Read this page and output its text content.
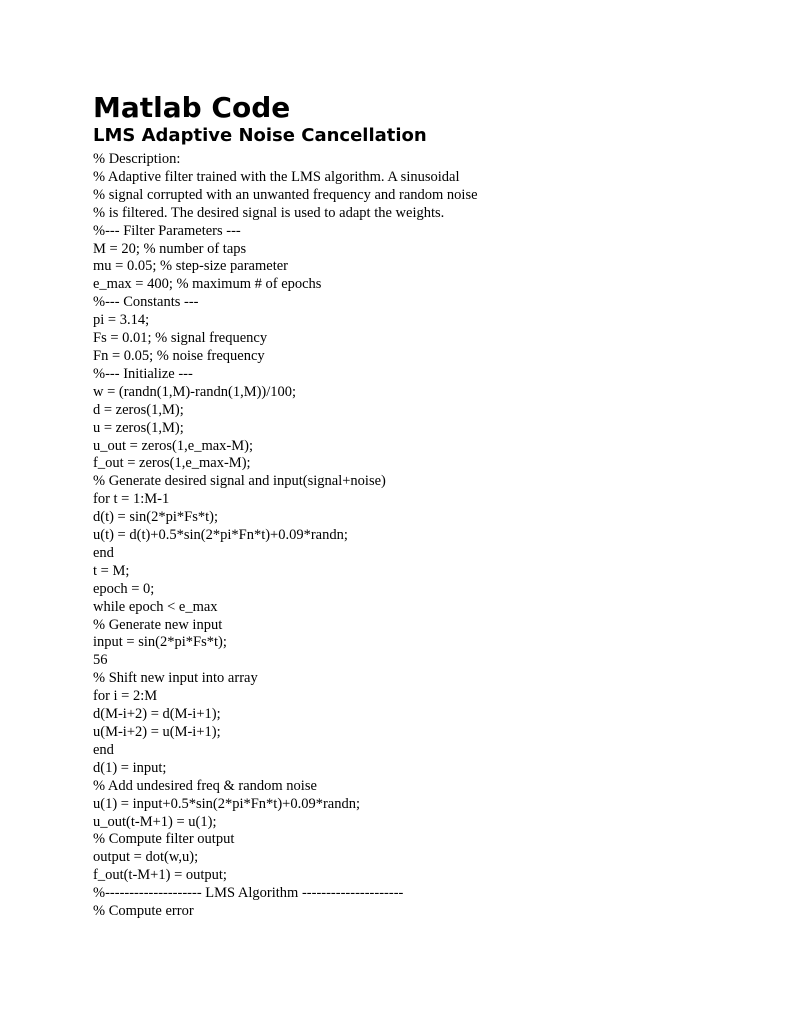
Matlab Code
LMS Adaptive Noise Cancellation
% Description:
% Adaptive filter trained with the LMS algorithm. A sinusoidal
% signal corrupted with an unwanted frequency and random noise
% is filtered. The desired signal is used to adapt the weights.
%--- Filter Parameters ---
M = 20; % number of taps
mu = 0.05; % step-size parameter
e_max = 400; % maximum # of epochs
%--- Constants ---
pi = 3.14;
Fs = 0.01; % signal frequency
Fn = 0.05; % noise frequency
%--- Initialize ---
w = (randn(1,M)-randn(1,M))/100;
d = zeros(1,M);
u = zeros(1,M);
u_out = zeros(1,e_max-M);
f_out = zeros(1,e_max-M);
% Generate desired signal and input(signal+noise)
for t = 1:M-1
d(t) = sin(2*pi*Fs*t);
u(t) = d(t)+0.5*sin(2*pi*Fn*t)+0.09*randn;
end
t = M;
epoch = 0;
while epoch < e_max
% Generate new input
input = sin(2*pi*Fs*t);
56
% Shift new input into array
for i = 2:M
d(M-i+2) = d(M-i+1);
u(M-i+2) = u(M-i+1);
end
d(1) = input;
% Add undesired freq & random noise
u(1) = input+0.5*sin(2*pi*Fn*t)+0.09*randn;
u_out(t-M+1) = u(1);
% Compute filter output
output = dot(w,u);
f_out(t-M+1) = output;
%-------------------- LMS Algorithm ---------------------
% Compute error
